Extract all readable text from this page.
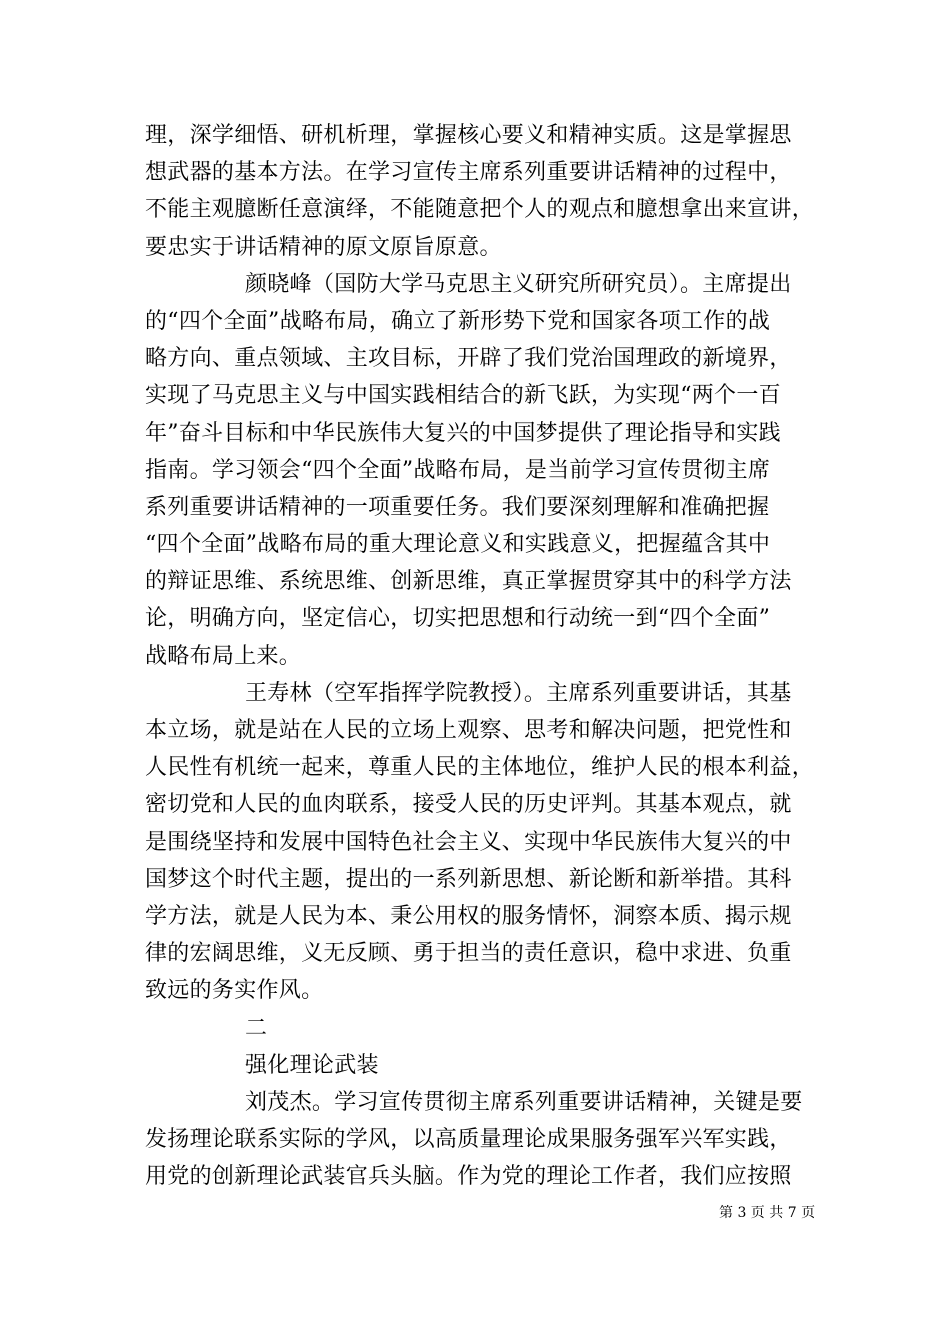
理，深学细悟、研机析理，掌握核心要义和精神实质。这是掌握思
想武器的基本方法。在学习宣传主席系列重要讲话精神的过程中，
不能主观臆断任意演绎，不能随意把个人的观点和臆想拿出来宣讲，
要忠实于讲话精神的原文原旨原意。
颜晓峰（国防大学马克思主义研究所研究员）。主席提出
的“四个全面”战略布局，确立了新形势下党和国家各项工作的战
略方向、重点领域、主攻目标，开辟了我们党治国理政的新境界，
实现了马克思主义与中国实践相结合的新飞跃，为实现“两个一百
年”奋斗目标和中华民族伟大复兴的中国梦提供了理论指导和实践
指南。学习领会“四个全面”战略布局，是当前学习宣传贯彻主席
系列重要讲话精神的一项重要任务。我们要深刻理解和准确把握
“四个全面”战略布局的重大理论意义和实践意义，把握蕴含其中
的辩证思维、系统思维、创新思维，真正掌握贯穿其中的科学方法
论，明确方向，坚定信心，切实把思想和行动统一到“四个全面”
战略布局上来。
王寿林（空军指挥学院教授）。主席系列重要讲话，其基
本立场，就是站在人民的立场上观察、思考和解决问题，把党性和
人民性有机统一起来，尊重人民的主体地位，维护人民的根本利益，
密切党和人民的血肉联系，接受人民的历史评判。其基本观点，就
是围绕坚持和发展中国特色社会主义、实现中华民族伟大复兴的中
国梦这个时代主题，提出的一系列新思想、新论断和新举措。其科
学方法，就是人民为本、秉公用权的服务情怀，洞察本质、揭示规
律的宏阔思维，义无反顾、勇于担当的责任意识，稳中求进、负重
致远的务实作风。
二
强化理论武装
刘茂杰。学习宣传贯彻主席系列重要讲话精神，关键是要
发扬理论联系实际的学风，以高质量理论成果服务强军兴军实践，
用党的创新理论武装官兵头脑。作为党的理论工作者，我们应按照
第 3 页 共 7 页
